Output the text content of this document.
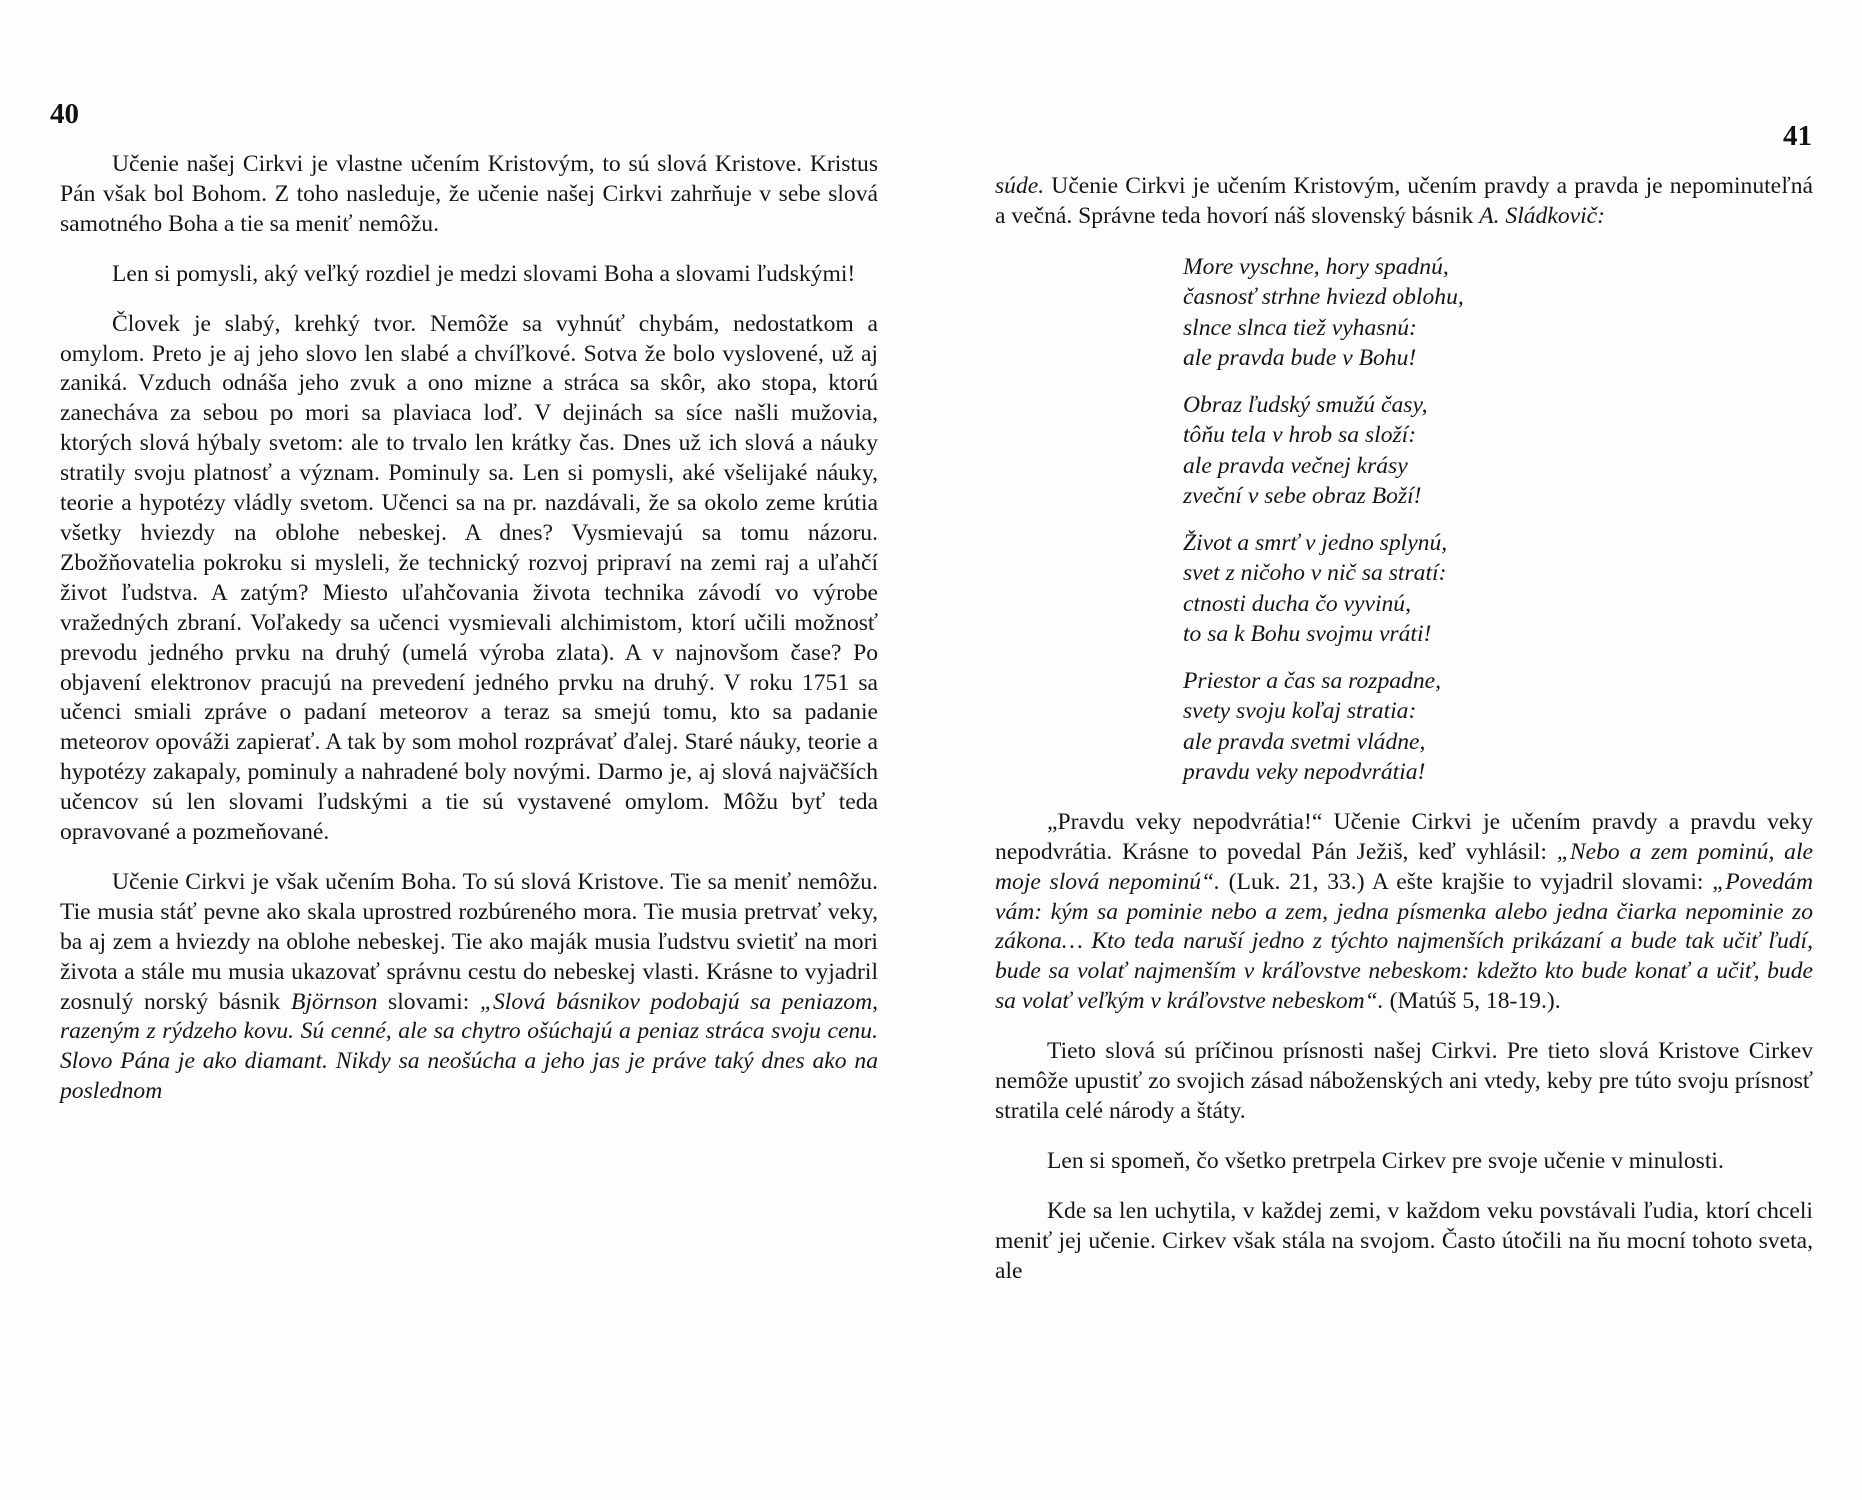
40

Učenie našej Cirkvi je vlastne učením Kristovým, to sú slová Kristove. Kristus Pán však bol Bohom. Z toho nasleduje, že učenie našej Cirkvi zahrňuje v sebe slová samotného Boha a tie sa meniť nemôžu.

Len si pomysli, aký veľký rozdiel je medzi slovami Boha a slovami ľudskými!

Človek je slabý, krehký tvor. Nemôže sa vyhnúť chybám, nedostatkom a omylom. Preto je aj jeho slovo len slabé a chvíľkové. Sotva že bolo vyslovené, už aj zaniká. Vzduch odnáša jeho zvuk a ono mizne a stráca sa skôr, ako stopa, ktorú zanecháva za sebou po mori sa plaviaca loď. V dejinách sa síce našli mužovia, ktorých slová hýbaly svetom: ale to trvalo len krátky čas. Dnes už ich slová a náuky stratily svoju platnosť a význam. Pominuly sa. Len si pomysli, aké všelijaké náuky, teorie a hypotézy vládly svetom. Učenci sa na pr. nazdávali, že sa okolo zeme krútia všetky hviezdy na oblohe nebeskej. A dnes? Vysmievajú sa tomu názoru. Zbožňovatelia pokroku si mysleli, že technický rozvoj pripraví na zemi raj a uľahčí život ľudstva. A zatým? Miesto uľahčovania života technika závodí vo výrobe vražedných zbraní. Voľakedy sa učenci vysmievali alchimistom, ktorí učili možnosť prevodu jedného prvku na druhý (umelá výroba zlata). A v najnovšom čase? Po objavení elektronov pracujú na prevedení jedného prvku na druhý. V roku 1751 sa učenci smiali zpráve o padaní meteorov a teraz sa smejú tomu, kto sa padanie meteorov opováži zapierať. A tak by som mohol rozprávať ďalej. Staré náuky, teorie a hypotézy zakapaly, pominuly a nahradené boly novými. Darmo je, aj slová najväčších učencov sú len slovami ľudskými a tie sú vystavené omylom. Môžu byť teda opravované a pozmeňované.

Učenie Cirkvi je však učením Boha. To sú slová Kristove. Tie sa meniť nemôžu. Tie musia stáť pevne ako skala uprostred rozbúreného mora. Tie musia pretrvať veky, ba aj zem a hviezdy na oblohe nebeskej. Tie ako maják musia ľudstvu svietiť na mori života a stále mu musia ukazovať správnu cestu do nebeskej vlasti. Krásne to vyjadril zosnulý norský básnik Björnson slovami: „Slová básnikov podobajú sa peniazom, razeným z rýdzeho kovu. Sú cenné, ale sa chytro ošúchajú a peniaz stráca svoju cenu. Slovo Pána je ako diamant. Nikdy sa neošúcha a jeho jas je práve taký dnes ako na poslednom

41

súde. Učenie Cirkvi je učením Kristovým, učením pravdy a pravda je nepominuteľná a večná. Správne teda hovorí náš slovenský básnik A. Sládkovič:

More vyschne, hory spadnú,
časnosť strhne hviezd oblohu,
slnce slnca tiež vyhasnú:
ale pravda bude v Bohu!
Obraz ľudský smužú časy,
tôňu tela v hrob sa složí:
ale pravda večnej krásy
zveční v sebe obraz Boží!
Život a smrť v jedno splynú,
svet z ničoho v nič sa stratí:
ctnosti ducha čo vyvinú,
to sa k Bohu svojmu vráti!
Priestor a čas sa rozpadne,
svety svoju koľaj stratia:
ale pravda svetmi vládne,
pravdu veky nepodvrátia!

„Pravdu veky nepodvrátia!“ Učenie Cirkvi je učením pravdy a pravdu veky nepodvrátia. Krásne to povedal Pán Ježiš, keď vyhlásil: „Nebo a zem pominú, ale moje slová nepominú“. (Luk. 21, 33.) A ešte krajšie to vyjadril slovami: „Povedám vám: kým sa pominie nebo a zem, jedna písmenka alebo jedna čiarka nepominie zo zákona… Kto teda naruší jedno z týchto najmenších prikázaní a bude tak učiť ľudí, bude sa volať najmenším v kráľovstve nebeskom: kdežto kto bude konať a učiť, bude sa volať veľkým v kráľovstve nebeskom“. (Matúš 5, 18-19.).

Tieto slová sú príčinou prísnosti našej Cirkvi. Pre tieto slová Kristove Cirkev nemôže upustiť zo svojich zásad náboženských ani vtedy, keby pre túto svoju prísnosť stratila celé národy a štáty.

Len si spomeň, čo všetko pretrpela Cirkev pre svoje učenie v minulosti.

Kde sa len uchytila, v každej zemi, v každom veku povstávali ľudia, ktorí chceli meniť jej učenie. Cirkev však stála na svojom. Často útočili na ňu mocní tohoto sveta, ale
